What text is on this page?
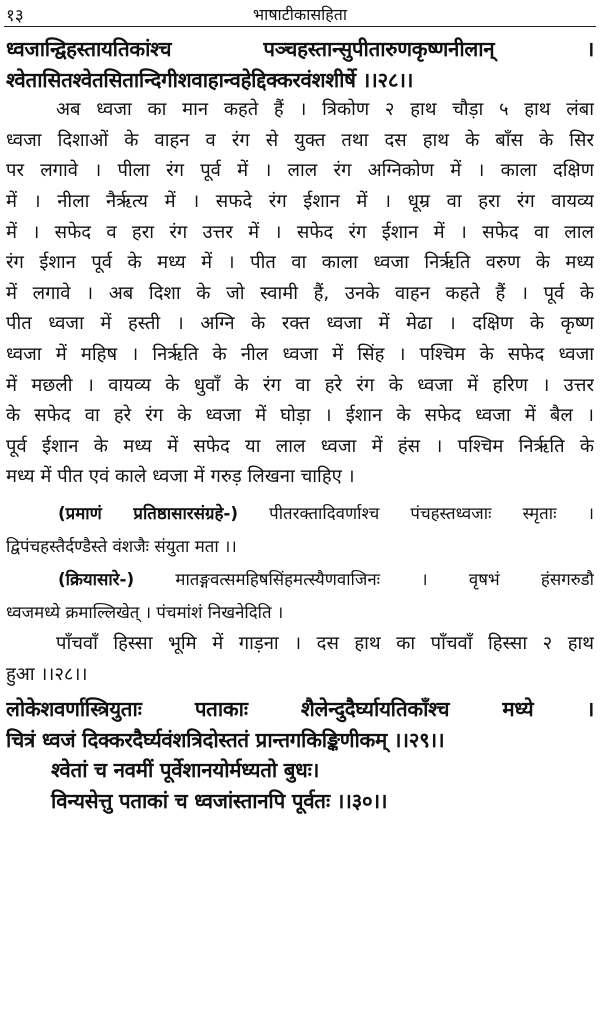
१३	भाषाटीकासहिता
ध्वजान्द्विहस्तायतिकांश्च पञ्चहस्तान्सुपीतारुणकृष्णनीलान् ।
श्वेतासितश्वेतसितान्दिगीशवाहान्वहेद्दिक्करवंशशीर्षे ।।२८।।
अब ध्वजा का मान कहते हैं । त्रिकोण २ हाथ चौड़ा ५ हाथ लंबा
ध्वजा दिशाओं के वाहन व रंग से युक्त तथा दस हाथ के बाँस के सिर
पर लगावे । पीला रंग पूर्व में । लाल रंग अग्निकोण में । काला दक्षिण
में । नीला नैर्ऋत्य में । सफदे रंग ईशान में । धूम्र वा हरा रंग वायव्य
में । सफेद व हरा रंग उत्तर में । सफेद रंग ईशान में । सफेद वा लाल
रंग ईशान पूर्व के मध्य में । पीत वा काला ध्वजा निर्ऋति वरुण के मध्य
में लगावे । अब दिशा के जो स्वामी हैं, उनके वाहन कहते हैं । पूर्व के
पीत ध्वजा में हस्ती । अग्नि के रक्त ध्वजा में मेढा । दक्षिण के कृष्ण
ध्वजा में महिष । निर्ऋति के नील ध्वजा में सिंह । पश्चिम के सफेद ध्वजा
में मछली । वायव्य के धुवाँ के रंग वा हरे रंग के ध्वजा में हरिण । उत्तर
के सफेद वा हरे रंग के ध्वजा में घोड़ा । ईशान के सफेद ध्वजा में बैल ।
पूर्व ईशान के मध्य में सफेद या लाल ध्वजा में हंस । पश्चिम निर्ऋति के
मध्य में पीत एवं काले ध्वजा में गरुड़ लिखना चाहिए ।
(प्रमाणं प्रतिष्ठासारसंग्रहे-) पीतरक्तादिवर्णाश्च पंचहस्तध्वजाः स्मृताः ।
द्विपंचहस्तैर्दण्डैस्ते वंशजैः संयुता मता ।।
(क्रियासारे-) मातङ्गवत्समहिषसिंहमत्स्यैणवाजिनः । वृषभं हंसगरुडौ
ध्वजमध्ये क्रमाल्लिखेत् । पंचमांशं निखनेदिति ।
पाँचवाँ हिस्सा भूमि में गाड़ना । दस हाथ का पाँचवाँ हिस्सा २ हाथ
हुआ ।।२८।।
लोकेशवर्णास्त्रियुताः पताकाः शैलेन्दुदैर्घ्यायतिकाँश्च मध्ये ।
चित्रं ध्वजं दिक्करदैर्घ्यवंशत्रिदोस्ततं प्रान्तगकिङ्किणीकम् ।।२९।।
श्वेतां च नवमीं पूर्वेशानयोर्मध्यतो बुधः।
विन्यसेत्तु पताकां च ध्वजांस्तानपि पूर्वतः ।।३०।।
